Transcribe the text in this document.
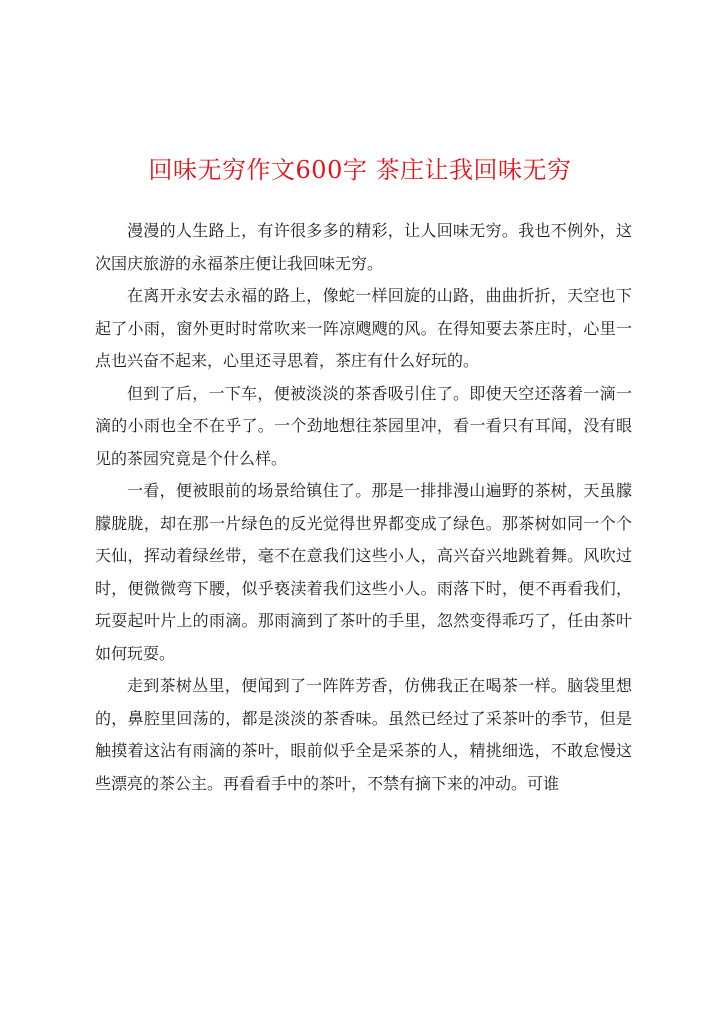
回味无穷作文600字 茶庄让我回味无穷

漫漫的人生路上，有许很多多的精彩，让人回味无穷。我也不例外，这次国庆旅游的永福茶庄便让我回味无穷。

在离开永安去永福的路上，像蛇一样回旋的山路，曲曲折折，天空也下起了小雨，窗外更时时常吹来一阵凉飕飕的风。在得知要去茶庄时，心里一点也兴奋不起来，心里还寻思着，茶庄有什么好玩的。

但到了后，一下车，便被淡淡的茶香吸引住了。即使天空还落着一滴一滴的小雨也全不在乎了。一个劲地想往茶园里冲，看一看只有耳闻，没有眼见的茶园究竟是个什么样。

一看，便被眼前的场景给镇住了。那是一排排漫山遍野的茶树，天虽朦朦胧胧，却在那一片绿色的反光觉得世界都变成了绿色。那茶树如同一个个天仙，挥动着绿丝带，毫不在意我们这些小人，高兴奋兴地跳着舞。风吹过时，便微微弯下腰，似乎亵渎着我们这些小人。雨落下时，便不再看我们，玩耍起叶片上的雨滴。那雨滴到了茶叶的手里，忽然变得乖巧了，任由茶叶如何玩耍。

走到茶树丛里，便闻到了一阵阵芳香，仿佛我正在喝茶一样。脑袋里想的，鼻腔里回荡的，都是淡淡的茶香味。虽然已经过了采茶叶的季节，但是触摸着这沾有雨滴的茶叶，眼前似乎全是采茶的人，精挑细选，不敢怠慢这些漂亮的茶公主。再看看手中的茶叶，不禁有摘下来的冲动。可谁
